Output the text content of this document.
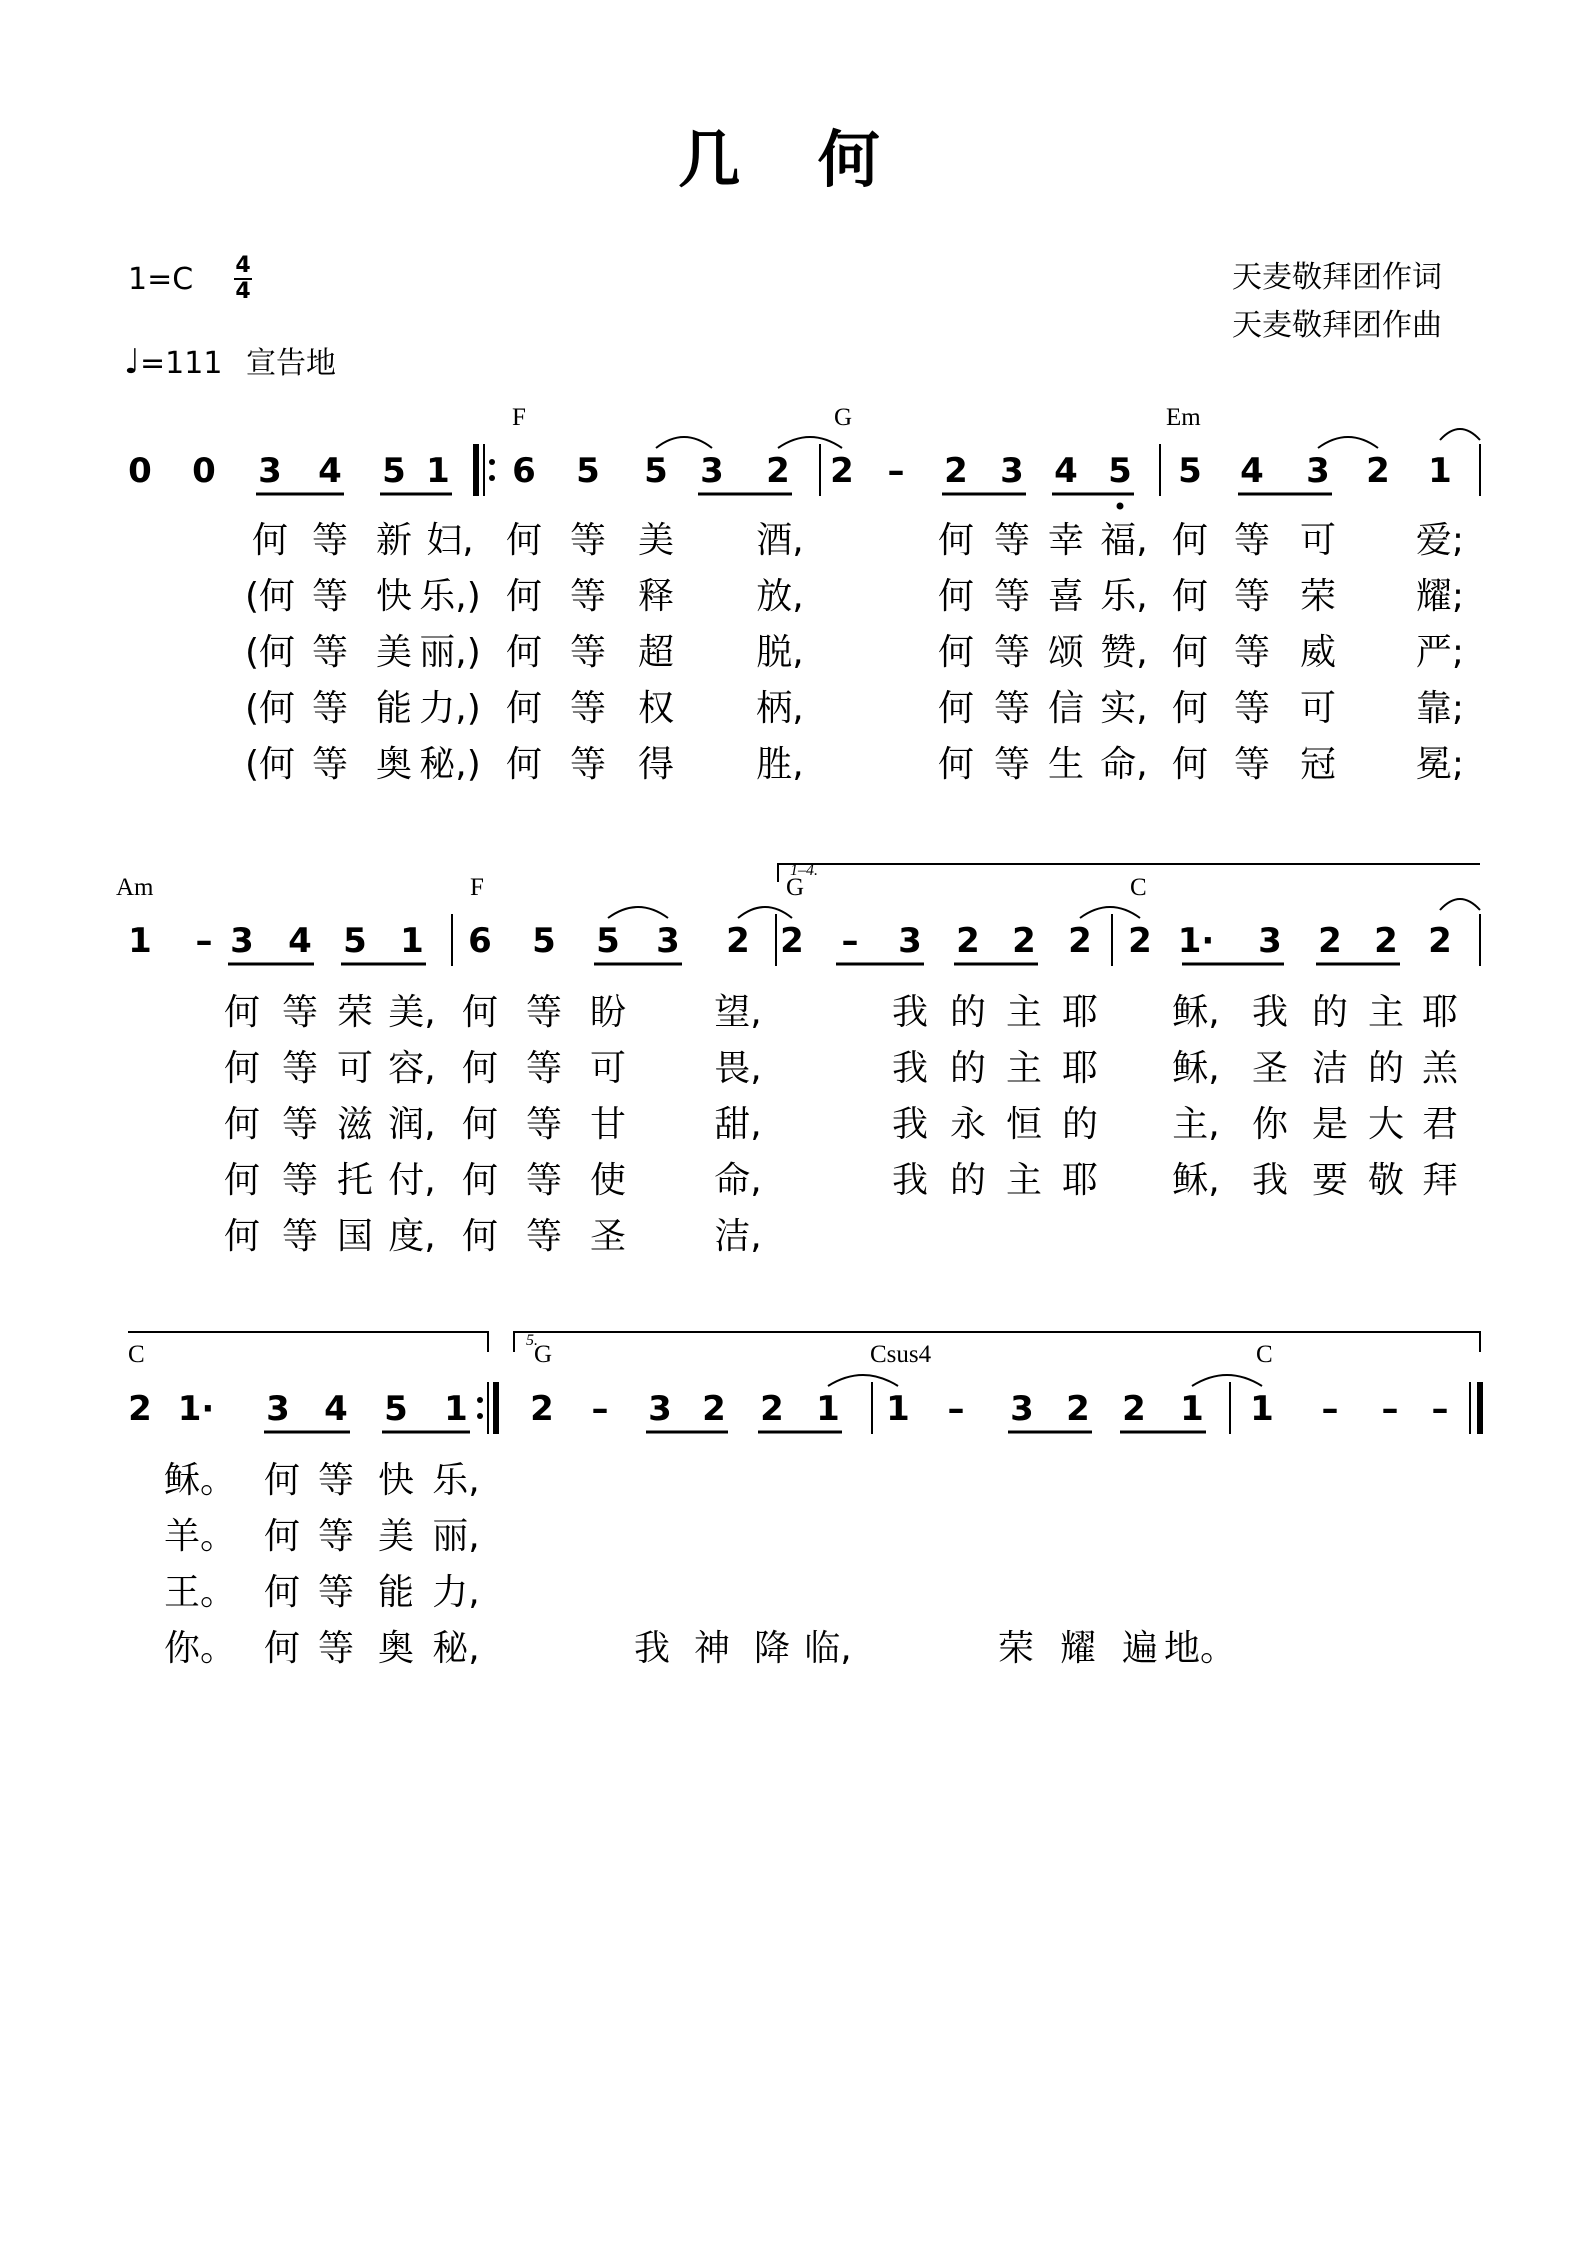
几 何
1=C 4
4
♩=111 宣告地
天麦敬拜团作词
天麦敬拜团作曲
F	G	Em
0 0 3 4 5 1 6 5 5 3 2 2 – 2 3 4 5 5 4 3 2 1
何 等 新 妇, 何 等 美 酒,	何 等 幸 福, 何 等 可 爱;
(何 等 快 乐,) 何 等 释 放,	何 等 喜 乐, 何 等 荣 耀;
(何 等 美 丽,) 何 等 超 脱,	何 等 颂 赞, 何 等 威 严;
(何 等 能 力,) 何 等 权 柄,	何 等 信 实, 何 等 可 靠;
(何 等 奥 秘,) 何 等 得 胜,	何 等 生 命, 何 等 冠 冕;
Am	F	G	C
1 – 3 4 5 1 6 5 5 3 2 2 – 3 2 2 2 2 1· 3 2 2 2
何 等 荣 美, 何 等 盼 望,	我 的 主 耶 稣, 我 的 主 耶
何 等 可 容, 何 等 可 畏,	我 的 主 耶 稣, 圣 洁 的 羔
何 等 滋 润, 何 等 甘 甜,	我 永 恒 的 主, 你 是 大 君
何 等 托 付, 何 等 使 命,	我 的 主 耶 稣, 我 要 敬 拜
何 等 国 度, 何 等 圣 洁,
C	G	Csus4	C
2 1· 3 4 5 1 2 – 3 2 2 1 1 – 3 2 2 1 1 – – –
稣。 何 等 快 乐,
羊。 何 等 美 丽,
王。 何 等 能 力,
你。 何 等 奥 秘,	我 神 降 临,	荣 耀 遍 地。
1–4.
5.
